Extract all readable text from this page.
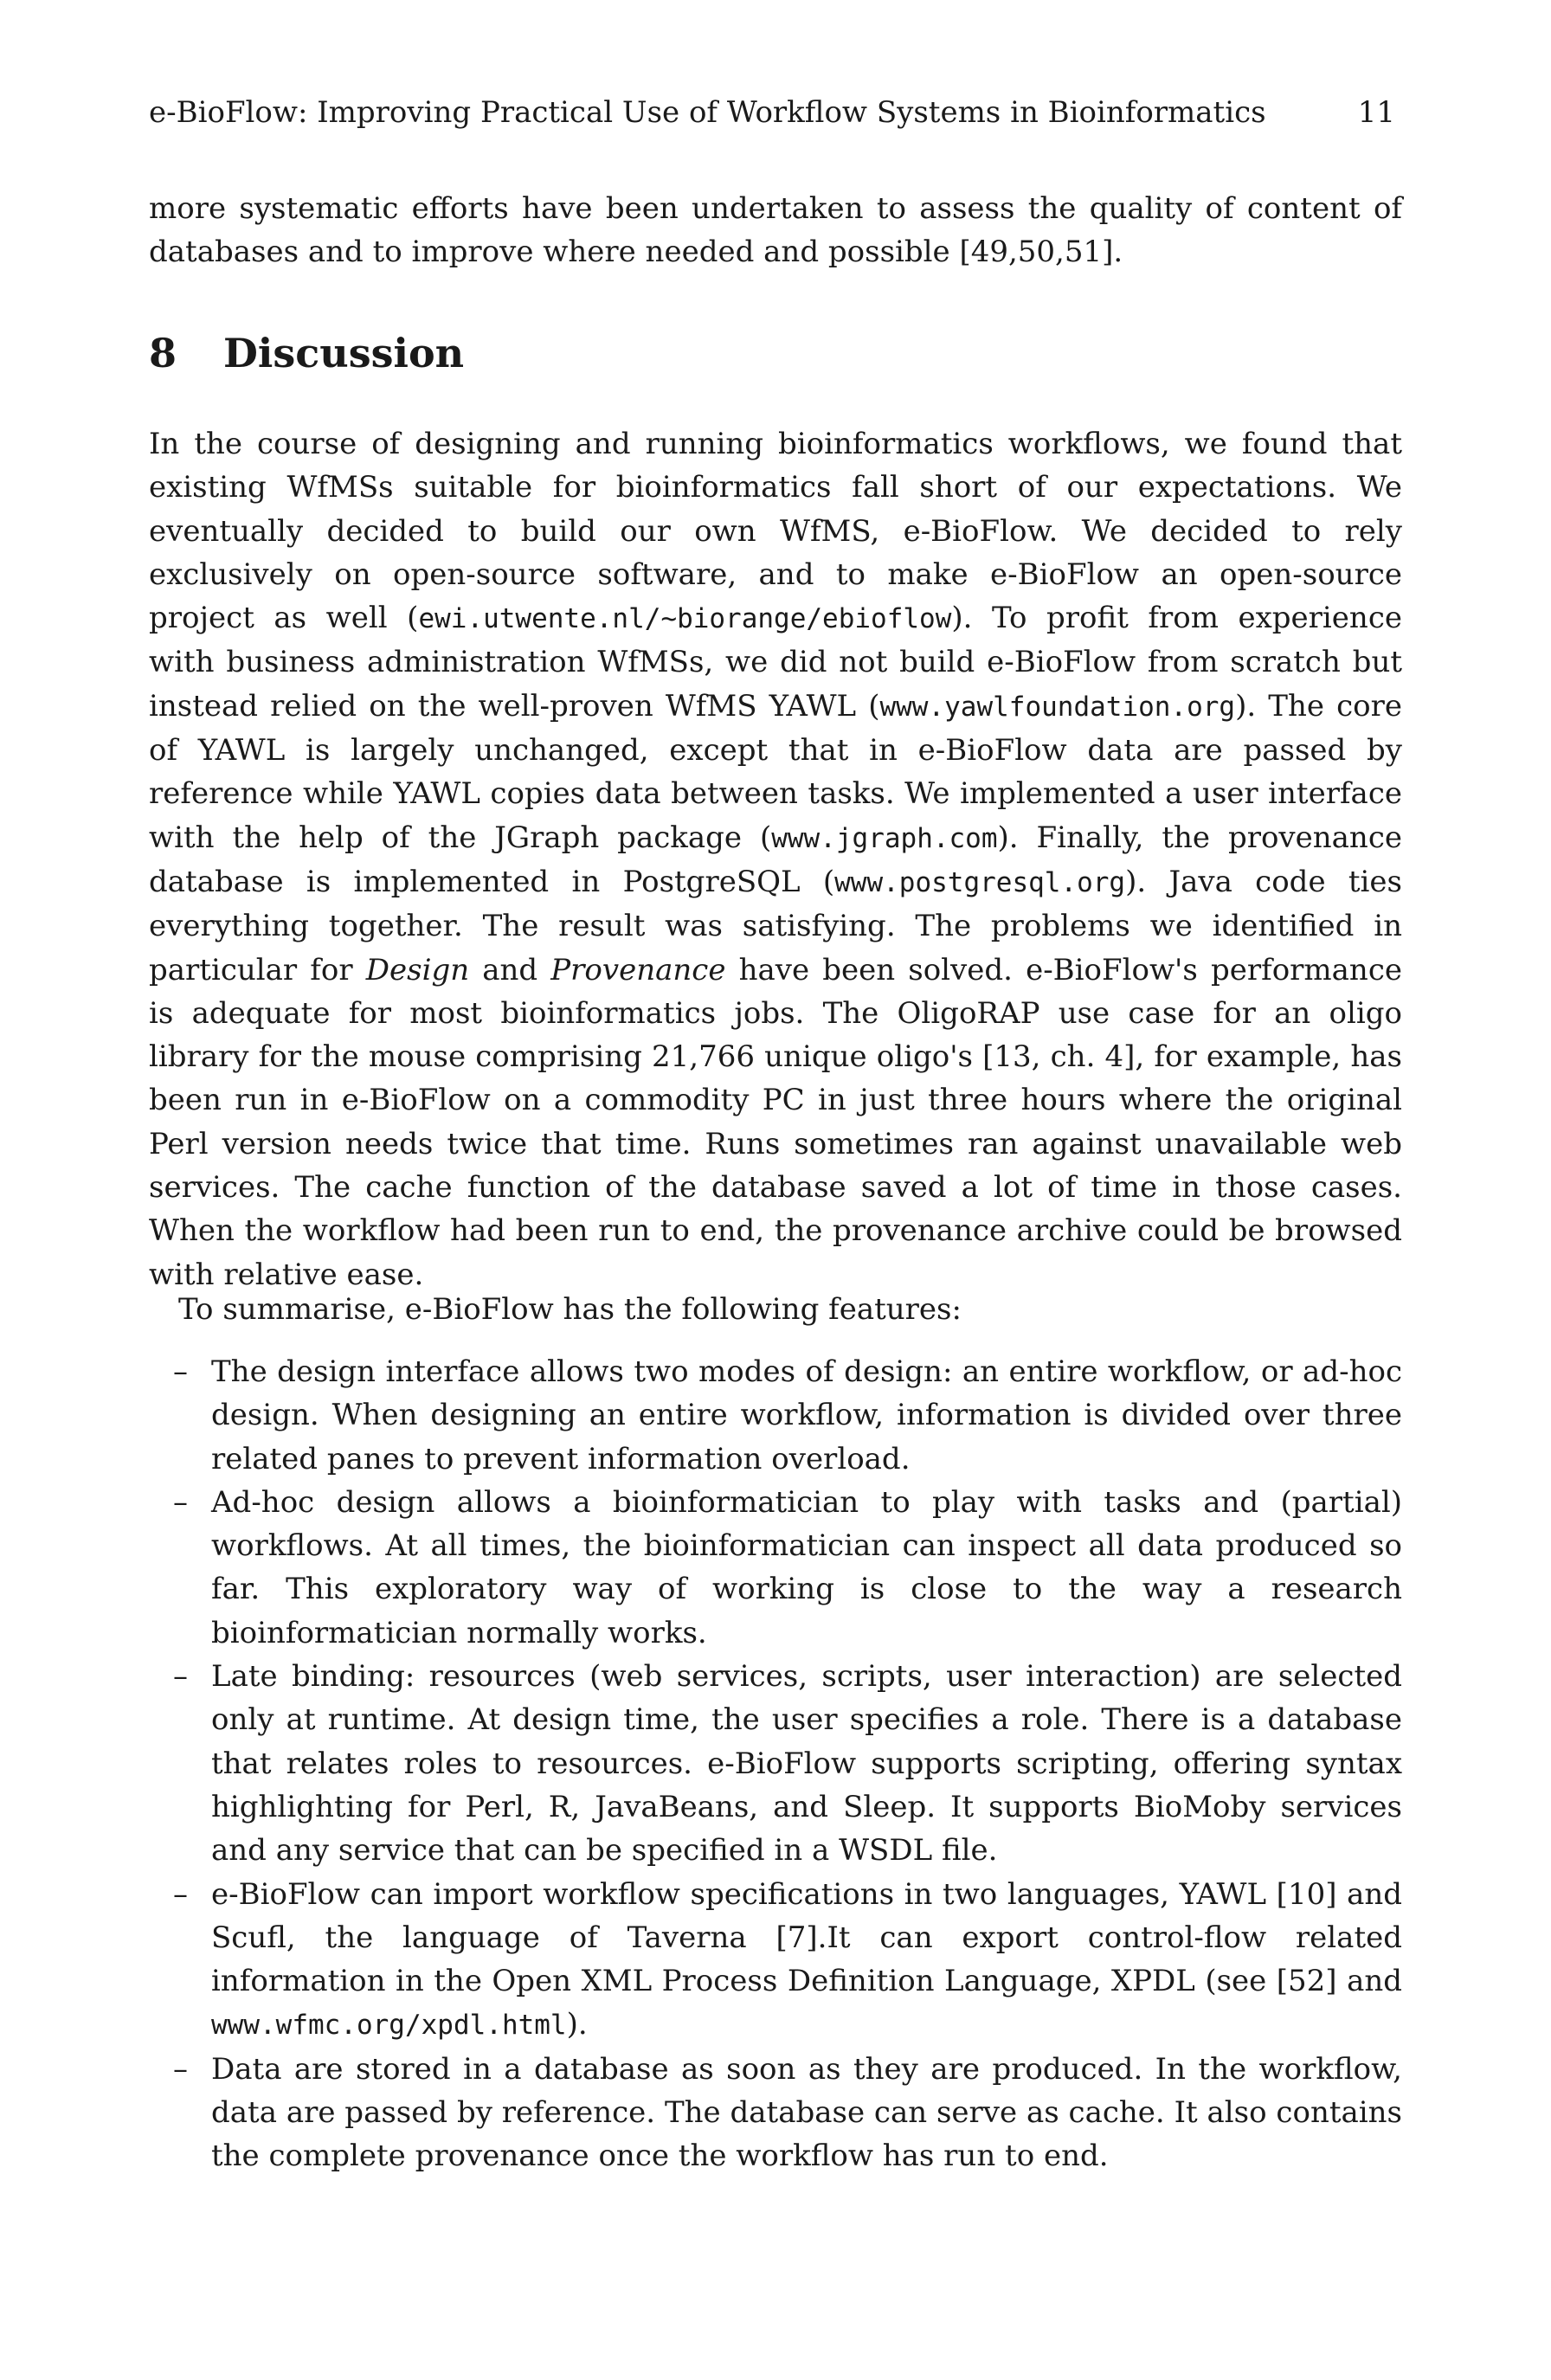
e-BioFlow: Improving Practical Use of Workflow Systems in Bioinformatics	11

more systematic efforts have been undertaken to assess the quality of content of databases and to improve where needed and possible [49,50,51].

8 Discussion

In the course of designing and running bioinformatics workflows, we found that existing WfMSs suitable for bioinformatics fall short of our expectations. We eventually decided to build our own WfMS, e-BioFlow. We decided to rely exclusively on open-source software, and to make e-BioFlow an open-source project as well (ewi.utwente.nl/∼biorange/ebioflow). To profit from experience with business administration WfMSs, we did not build e-BioFlow from scratch but instead relied on the well-proven WfMS YAWL (www.yawlfoundation.org). The core of YAWL is largely unchanged, except that in e-BioFlow data are passed by reference while YAWL copies data between tasks. We implemented a user interface with the help of the JGraph package (www.jgraph.com). Finally, the provenance database is implemented in PostgreSQL (www.postgresql.org). Java code ties everything together. The result was satisfying. The problems we identified in particular for Design and Provenance have been solved. e-BioFlow's performance is adequate for most bioinformatics jobs. The OligoRAP use case for an oligo library for the mouse comprising 21,766 unique oligo's [13, ch. 4], for example, has been run in e-BioFlow on a commodity PC in just three hours where the original Perl version needs twice that time. Runs sometimes ran against unavailable web services. The cache function of the database saved a lot of time in those cases. When the workflow had been run to end, the provenance archive could be browsed with relative ease.

To summarise, e-BioFlow has the following features:

– The design interface allows two modes of design: an entire workflow, or ad-hoc design. When designing an entire workflow, information is divided over three related panes to prevent information overload.

– Ad-hoc design allows a bioinformatician to play with tasks and (partial) workflows. At all times, the bioinformatician can inspect all data produced so far. This exploratory way of working is close to the way a research bioinformatician normally works.

– Late binding: resources (web services, scripts, user interaction) are selected only at runtime. At design time, the user specifies a role. There is a database that relates roles to resources. e-BioFlow supports scripting, offering syntax highlighting for Perl, R, JavaBeans, and Sleep. It supports BioMoby services and any service that can be specified in a WSDL file.

– e-BioFlow can import workflow specifications in two languages, YAWL [10] and Scufl, the language of Taverna [7].It can export control-flow related information in the Open XML Process Definition Language, XPDL (see [52] and www.wfmc.org/xpdl.html).

– Data are stored in a database as soon as they are produced. In the workflow, data are passed by reference. The database can serve as cache. It also contains the complete provenance once the workflow has run to end.
